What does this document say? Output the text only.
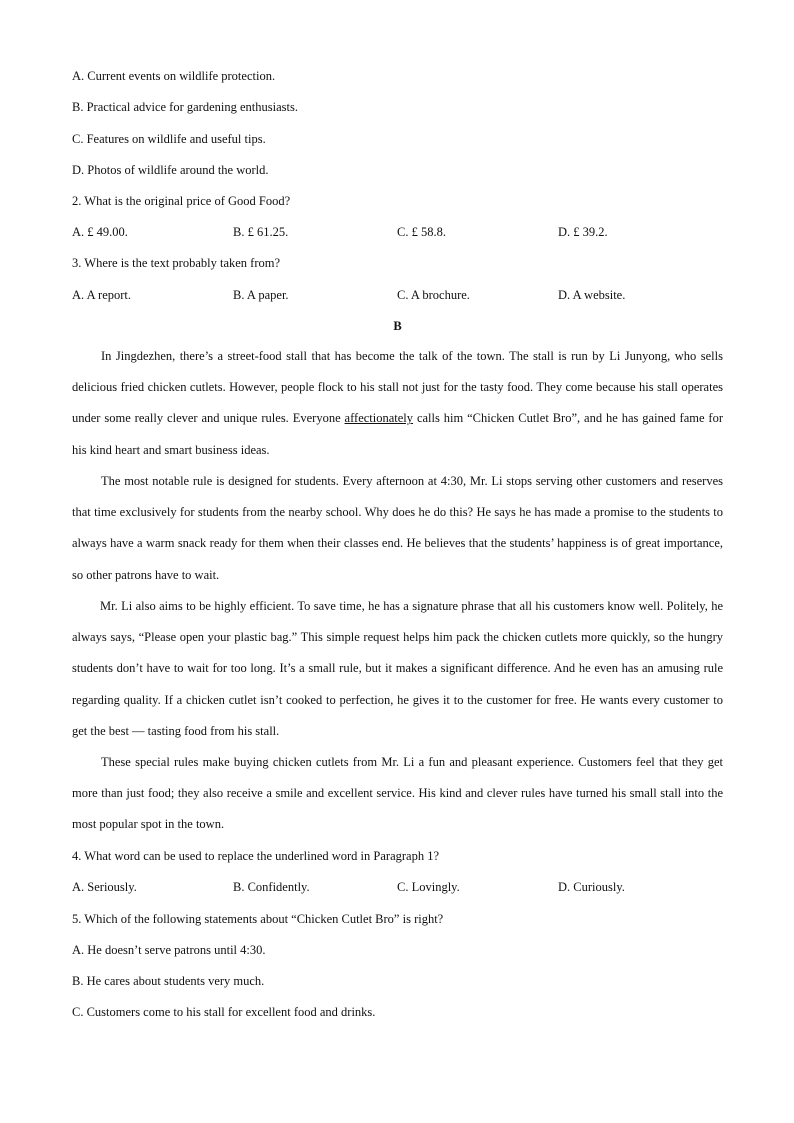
A. Current events on wildlife protection.
B. Practical advice for gardening enthusiasts.
C. Features on wildlife and useful tips.
D. Photos of wildlife around the world.
2. What is the original price of Good Food?
A. £ 49.00.	B. £ 61.25.	C. £ 58.8.	D. £ 39.2.
3. Where is the text probably taken from?
A. A report.	B. A paper.	C. A brochure.	D. A website.
B

In Jingdezhen, there’s a street-food stall that has become the talk of the town. The stall is run by Li Junyong, who sells delicious fried chicken cutlets. However, people flock to his stall not just for the tasty food. They come because his stall operates under some really clever and unique rules. Everyone affectionately calls him “Chicken Cutlet Bro”, and he has gained fame for his kind heart and smart business ideas.

The most notable rule is designed for students. Every afternoon at 4:30, Mr. Li stops serving other customers and reserves that time exclusively for students from the nearby school. Why does he do this? He says he has made a promise to the students to always have a warm snack ready for them when their classes end. He believes that the students’ happiness is of great importance, so other patrons have to wait.

Mr. Li also aims to be highly efficient. To save time, he has a signature phrase that all his customers know well. Politely, he always says, “Please open your plastic bag.” This simple request helps him pack the chicken cutlets more quickly, so the hungry students don’t have to wait for too long. It’s a small rule, but it makes a significant difference. And he even has an amusing rule regarding quality. If a chicken cutlet isn’t cooked to perfection, he gives it to the customer for free. He wants every customer to get the best — tasting food from his stall.

These special rules make buying chicken cutlets from Mr. Li a fun and pleasant experience. Customers feel that they get more than just food; they also receive a smile and excellent service. His kind and clever rules have turned his small stall into the most popular spot in the town.

4. What word can be used to replace the underlined word in Paragraph 1?
A. Seriously.	B. Confidently.	C. Lovingly.	D. Curiously.
5. Which of the following statements about “Chicken Cutlet Bro” is right?
A. He doesn’t serve patrons until 4:30.
B. He cares about students very much.
C. Customers come to his stall for excellent food and drinks.
